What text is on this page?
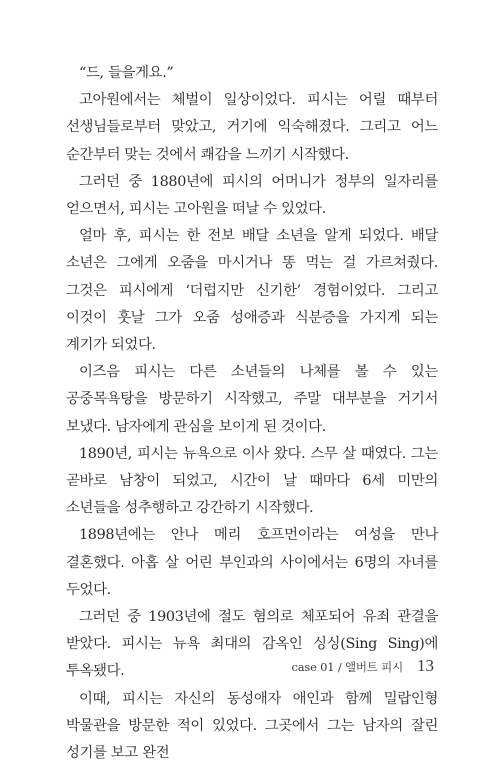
“드, 들을게요.”

고아원에서는 체벌이 일상이었다. 피시는 어릴 때부터 선생님들로부터 맞았고, 거기에 익숙해졌다. 그리고 어느 순간부터 맞는 것에서 쾌감을 느끼기 시작했다.

그러던 중 1880년에 피시의 어머니가 정부의 일자리를 얻으면서, 피시는 고아원을 떠날 수 있었다.

얼마 후, 피시는 한 전보 배달 소년을 알게 되었다. 배달 소년은 그에게 오줌을 마시거나 똥 먹는 걸 가르쳐줬다. 그것은 피시에게 ‘더럽지만 신기한’ 경험이었다. 그리고 이것이 훗날 그가 오줌 성애증과 식분증을 가지게 되는 계기가 되었다.

이즈음 피시는 다른 소년들의 나체를 볼 수 있는 공중목욕탕을 방문하기 시작했고, 주말 대부분을 거기서 보냈다. 남자에게 관심을 보이게 된 것이다.

1890년, 피시는 뉴욕으로 이사 왔다. 스무 살 때였다. 그는 곧바로 남창이 되었고, 시간이 날 때마다 6세 미만의 소년들을 성추행하고 강간하기 시작했다.

1898년에는 안나 메리 호프먼이라는 여성을 만나 결혼했다. 아홉 살 어린 부인과의 사이에서는 6명의 자녀를 두었다.

그러던 중 1903년에 절도 혐의로 체포되어 유죄 관결을 받았다. 피시는 뉴욕 최대의 감옥인 싱싱(Sing Sing)에 투옥됐다.

이때, 피시는 자신의 동성애자 애인과 함께 밀랍인형 박물관을 방문한 적이 있었다. 그곳에서 그는 남자의 잘린 성기를 보고 완전

case 01 / 앨버트 피시 13
